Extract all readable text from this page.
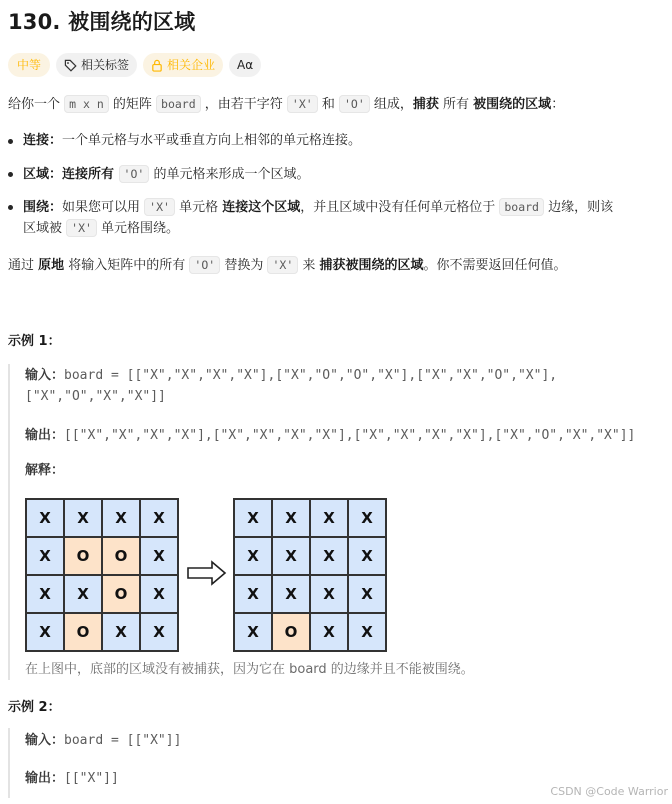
130. 被围绕的区域
中等	相关标签	相关企业 Aα
给你一个 m x n 的矩阵 board ，由若干字符 'X' 和 'O' 组成，捕获 所有 被围绕的区域：
连接：一个单元格与水平或垂直方向上相邻的单元格连接。
区域：连接所有 'O' 的单元格来形成一个区域。
围绕：如果您可以用 'X' 单元格 连接这个区域，并且区域中没有任何单元格位于 board 边缘，则该
区域被 'X' 单元格围绕。
通过 原地 将输入矩阵中的所有 'O' 替换为 'X' 来 捕获被围绕的区域。你不需要返回任何值。
示例 1：
输入：board = [["X","X","X","X"],["X","O","O","X"],["X","X","O","X"],
["X","O","X","X"]]
输出：[["X","X","X","X"],["X","X","X","X"],["X","X","X","X"],["X","O","X","X"]]
解释：
X	X	X	X
X	O	O	X
X	X	O	X
X	O	X	X
X	X	X	X
X	X	X	X
X	X	X	X
X	O	X	X
在上图中，底部的区域没有被捕获，因为它在 board 的边缘并且不能被围绕。
示例 2：
输入：board = [["X"]]
输出：[["X"]]
CSDN @Code Warrior
